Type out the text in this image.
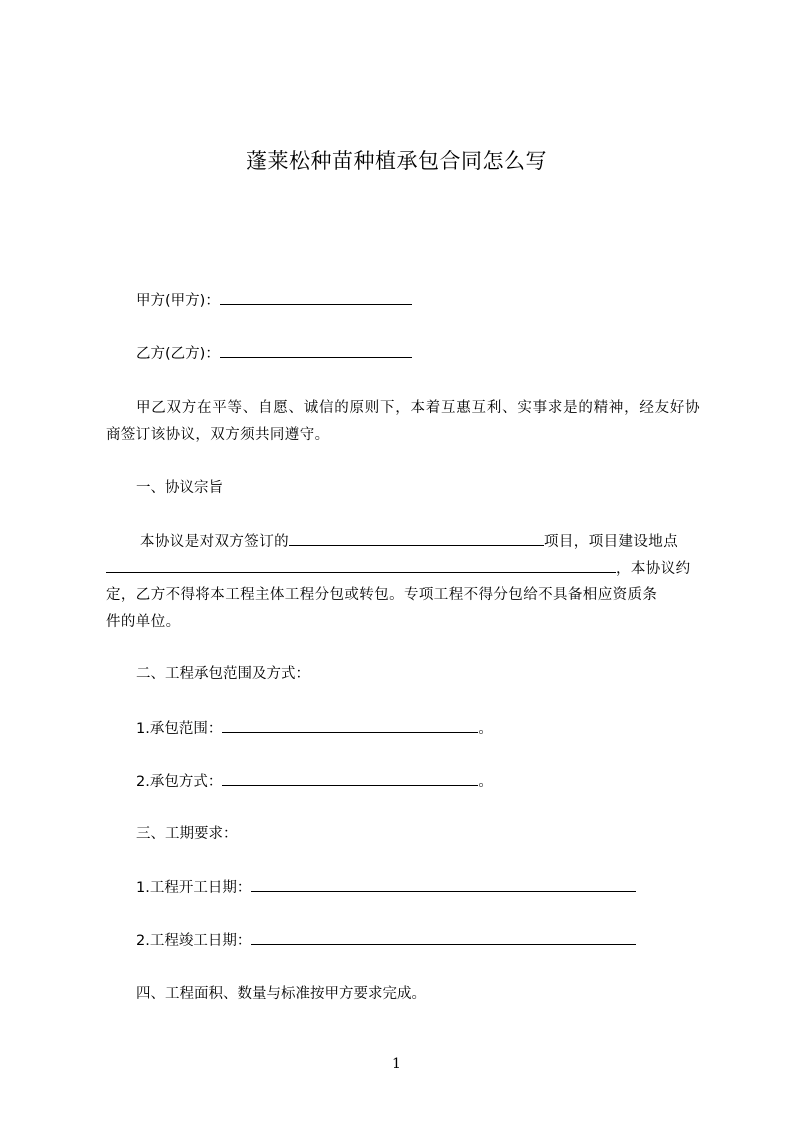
蓬莱松种苗种植承包合同怎么写
甲方(甲方)：
乙方(乙方)：
甲乙双方在平等、自愿、诚信的原则下，本着互惠互利、实事求是的精神，经友好协商签订该协议，双方须共同遵守。
一、协议宗旨
本协议是对双方签订的	项目，项目建设地点
，本协议约
定，乙方不得将本工程主体工程分包或转包。专项工程不得分包给不具备相应资质条
件的单位。
二、工程承包范围及方式：
1.承包范围：	。
2.承包方式：	。
三、工期要求：
1.工程开工日期：
2.工程竣工日期：
四、工程面积、数量与标准按甲方要求完成。
1
